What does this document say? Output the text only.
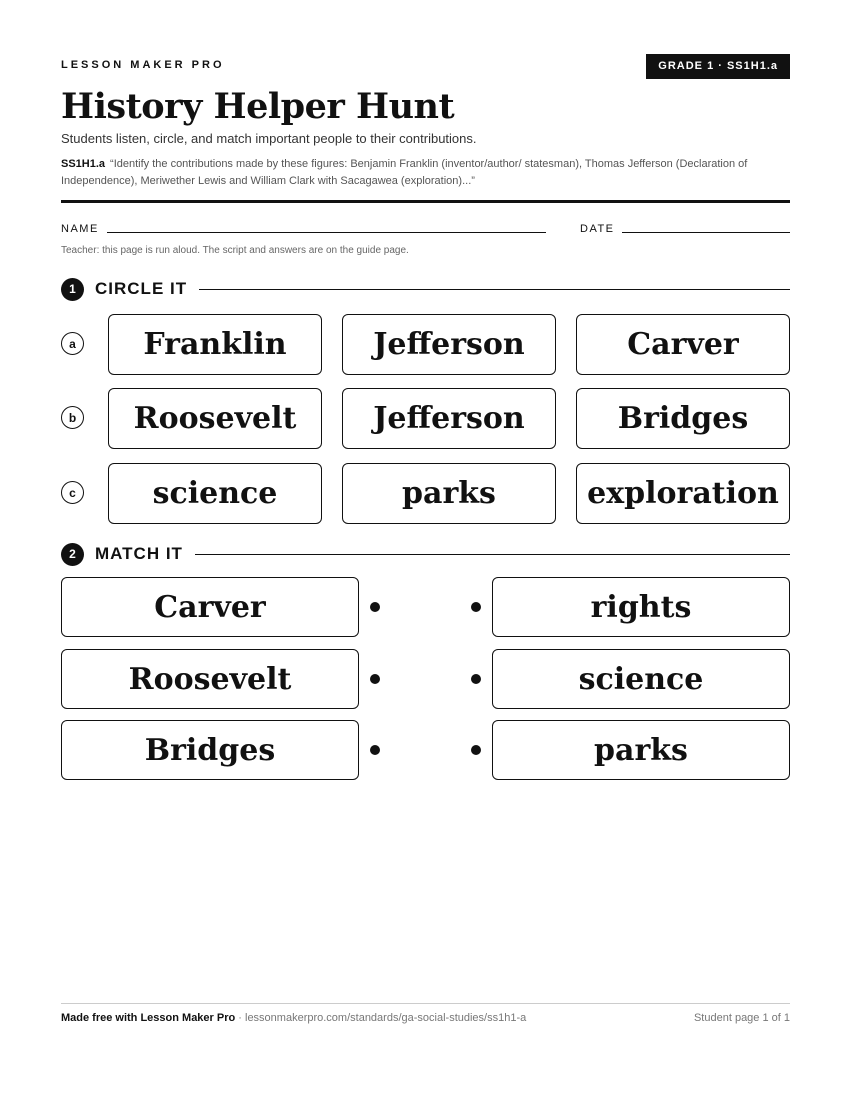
LESSON MAKER PRO	GRADE 1 · SS1H1.a
History Helper Hunt
Students listen, circle, and match important people to their contributions.
SS1H1.a “Identify the contributions made by these figures: Benjamin Franklin (inventor/author/ statesman), Thomas Jefferson (Declaration of Independence), Meriwether Lewis and William Clark with Sacagawea (exploration)...”
NAME	DATE
Teacher: this page is run aloud. The script and answers are on the guide page.
1	CIRCLE IT
a	Franklin	Jefferson	Carver
b	Roosevelt	Jefferson	Bridges
c	science	parks	exploration
2	MATCH IT
Carver	rights
Roosevelt	science
Bridges	parks
Made free with Lesson Maker Pro · lessonmakerpro.com/standards/ga-social-studies/ss1h1-a	Student page 1 of 1
